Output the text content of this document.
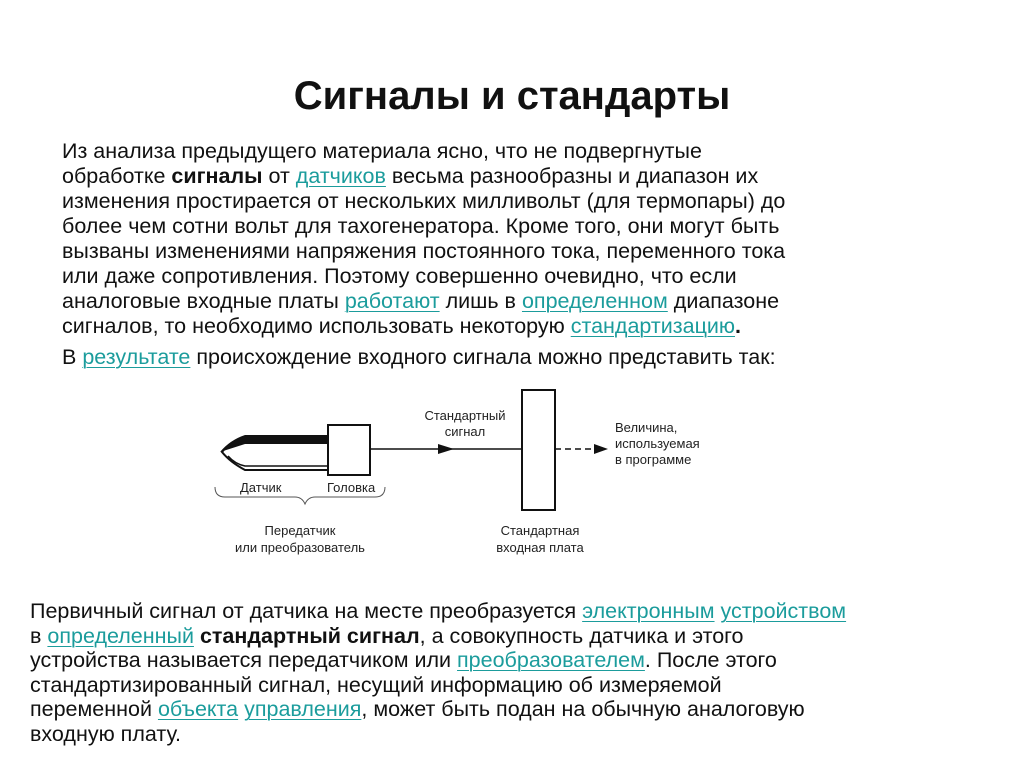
Сигналы и стандарты
Из анализа предыдущего материала ясно, что не подвергнутые
обработке сигналы от датчиков весьма разнообразны и диапазон их
изменения простирается от нескольких милливольт (для термопары) до
более чем сотни вольт для тахогенератора. Кроме того, они могут быть
вызваны изменениями напряжения постоянного тока, переменного тока
или даже сопротивления. Поэтому совершенно очевидно, что если
аналоговые входные платы работают лишь в определенном диапазоне
сигналов, то необходимо использовать некоторую стандартизацию.
В результате происхождение входного сигнала можно представить так:
Датчик	Головка
Стандартный
сигнал	Величина,
используемая
в программе
Передатчик
или преобразователь
Стандартная
входная плата
Первичный сигнал от датчика на месте преобразуется электронным устройством
в определенный стандартный сигнал, а совокупность датчика и этого
устройства называется передатчиком или преобразователем. После этого
стандартизированный сигнал, несущий информацию об измеряемой
переменной объекта управления, может быть подан на обычную аналоговую
входную плату.
